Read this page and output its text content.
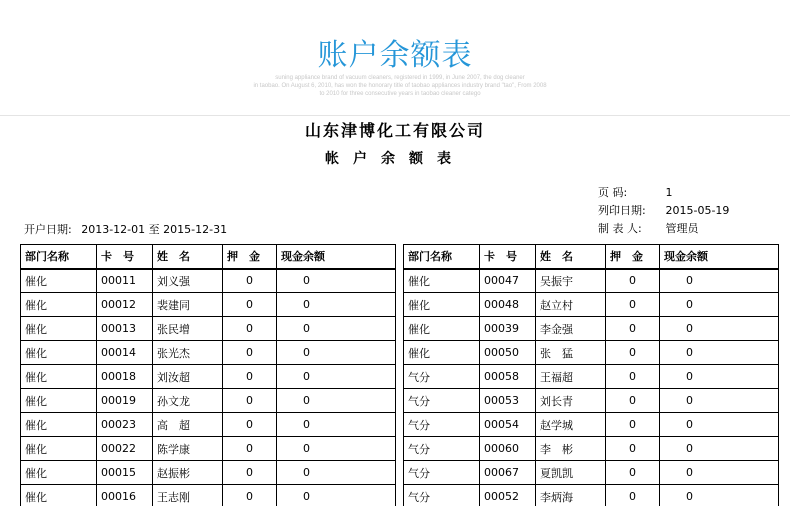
账户余额表
suning appliance brand of vacuum cleaners, registered in 1999, in June 2007, the dog cleaner
in taobao. On August 6, 2010, has won the honorary title of taobao appliances industry brand "tao", From 2008
to 2010 for three consecutive years in taobao cleaner catego
山东津博化工有限公司
帐户余额表
页 码:	1
列印日期: 2015-05-19
制 表 人: 管理员
开户日期: 2013-12-01 至 2015-12-31
部门名称	卡　号	姓　名	押　金	现金余额
催化	00011	刘义强	0	0
催化	00012	裴建同	0	0
催化	00013	张民增	0	0
催化	00014	张光杰	0	0
催化	00018	刘汝超	0	0
催化	00019	孙文龙	0	0
催化	00023	高　超	0	0
催化	00022	陈学康	0	0
催化	00015	赵振彬	0	0
催化	00016	王志刚	0	0
部门名称	卡　号	姓　名	押　金	现金余额
催化	00047	吴振宇	0	0
催化	00048	赵立村	0	0
催化	00039	李金强	0	0
催化	00050	张　猛	0	0
气分	00058	王福超	0	0
气分	00053	刘长青	0	0
气分	00054	赵学城	0	0
气分	00060	李　彬	0	0
气分	00067	夏凯凯	0	0
气分	00052	李炳海	0	0
